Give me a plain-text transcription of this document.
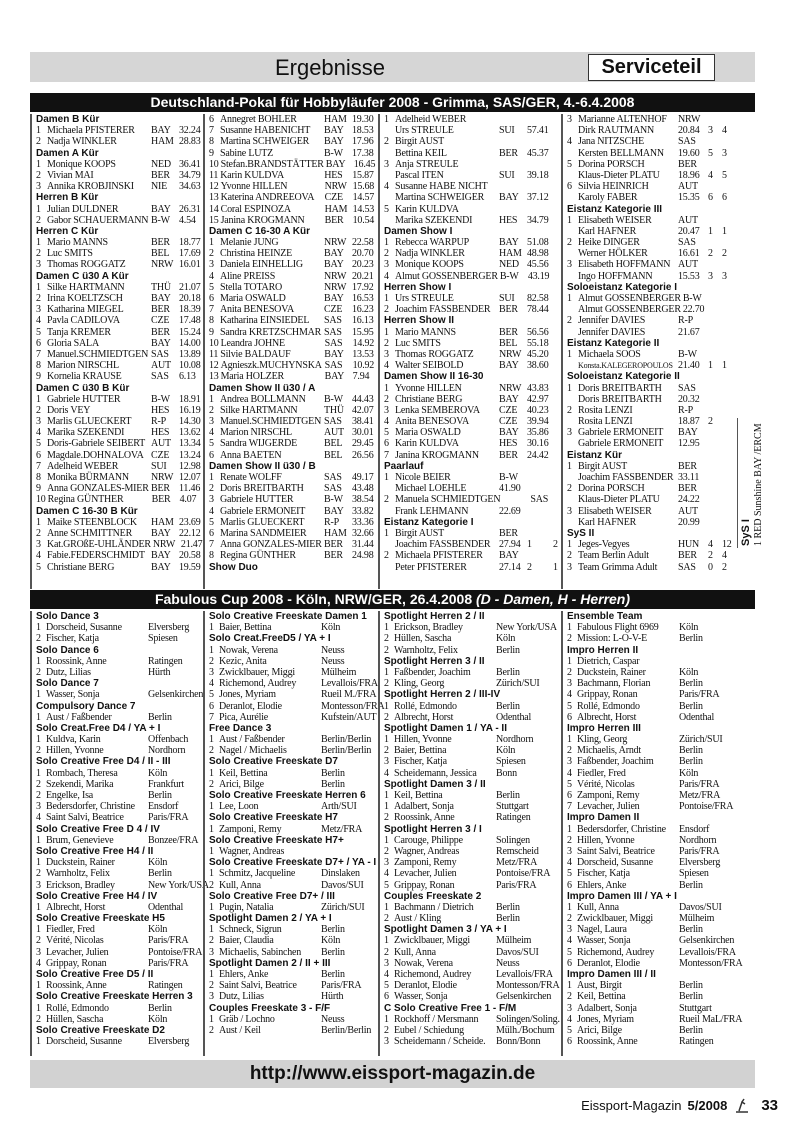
Ergebnisse	Serviceteil
Deutschland-Pokal für Hobbyläufer 2008 - Grimma, SAS/GER, 4.-6.4.2008
Damen B Kür
1 Michaela PFISTERER	BAY 32.24
2 Nadja WINKLER	HAM 28.83
Damen A Kür
1 Monique KOOPS	NED 36.41
2 Vivian MAI	BER 34.79
3 Annika KROBJINSKI	NIE	34.63
Herren B Kür
1 Julian DULDNER	BAY 26.31
2 Gabor SCHAUERMANN B-W 4.54
Herren C Kür
1 Mario MANNS	BER 18.77
2 Luc SMITS	BEL 17.69
3 Thomas ROGGATZ	NRW 16.01
Damen C ü30 A Kür
1 Silke HARTMANN	THÜ 21.07
2 Irina KOELTZSCH	BAY 20.18
3 Katharina MIEGEL	BER 18.39
4 Pavla CADILOVA	CZE 17.48
5 Tanja KREMER	BER 15.24
6 Gloria SALA	BAY 14.00
7 Manuel.SCHMIEDTGEN SAS	13.89
8 Marion NIRSCHL	AUT 10.08
9 Kornelia KRAUSE	SAS	6.13
Damen C ü30 B Kür
1 Gabriele HUTTER	B-W 18.91
2 Doris VEY	HES 16.19
3 Marlis GLUECKERT	R-P	14.30
4 Marika SZEKENDI	HES 13.62
5 Doris-Gabriele SEIBERT AUT 13.34
6 Magdale.DOHNALOVA CZE 13.24
7 Adelheid WEBER	SUI	12.98
8 Monika BÜRMANN	NRW 12.07
9 Anna GONZALES-MIER BER 11.46
10 Regina GÜNTHER	BER 4.07
Damen C 16-30 B Kür
1 Maike STEENBLOCK	HAM 23.69
2 Anne SCHMITTNER	BAY 22.12
3 Kat.GROßE-UHLÄNDER NRW 21.47
4 Fabie.FEDERSCHMIDT BAY 20.58
5 Christiane BERG	BAY 19.59
6 Annegret BOHLER	HAM 19.30
7 Susanne HABENICHT	BAY 18.53
8 Martina SCHWEIGER	BAY 17.96
9 Sabine LUTZ	B-W 17.38
10 Stefan.BRANDSTÄTTER BAY 16.45
11 Karin KULDVA	HES 15.87
12 Yvonne HILLEN	NRW 15.68
13 Katerina ANDREEOVA	CZE 14.57
14 Coral ESPINOZA	HAM 14.53
15 Janina KROGMANN	BER 10.54
Damen C 16-30 A Kür
1 Melanie JUNG	NRW 22.58
2 Christina HEINZE	BAY 20.70
3 Daniela EINHELLIG	BAY 20.23
4 Aline PREISS	NRW 20.21
5 Stella TOTARO	NRW 17.92
6 Maria OSWALD	BAY 16.53
7 Anita BENESOVA	CZE 16.23
8 Katharina EINSIEDEL	SAS	16.13
9 Sandra KRETZSCHMAR SAS	15.95
10 Leandra JOHNE	SAS	14.92
11 Silvie BALDAUF	BAY 13.53
12 Agnieszk.MUCHYNSKA SAS	10.92
13 Maria HOLZER	BAY 7.94
Damen Show II ü30 / A
1 Andrea BOLLMANN	B-W 44.43
2 Silke HARTMANN	THÜ 42.07
3 Manuel.SCHMIEDTGEN SAS	38.41
4 Marion NIRSCHL	AUT 30.01
5 Sandra WIJGERDE	BEL 29.45
6 Anna BAETEN	BEL 26.56
Damen Show II ü30 / B
1 Renate WOLFF	SAS	49.17
2 Doris BREITBARTH	SAS	43.48
3 Gabriele HUTTER	B-W 38.54
4 Gabriele ERMONEIT	BAY 33.82
5 Marlis GLUECKERT	R-P	33.36
6 Marina SANDMEIER	HAM 32.66
7 Anna GONZALES-MIER BER 31.44
8 Regina GÜNTHER	BER 24.98
Show Duo
1 Adelheid WEBER
Urs STREULE	SUI	57.41
2 Birgit AUST
Bettina KEIL	BER 45.37
3 Anja STREULE
Pascal ITEN	SUI	39.18
4 Susanne HABE NICHT
Martina SCHWEIGER	BAY 37.12
5 Karin KULDVA
Marika SZEKENDI	HES 34.79
Damen Show I
1 Rebecca WARPUP	BAY 51.08
2 Nadja WINKLER	HAM 48.98
3 Monique KOOPS	NED 45.56
4 Almut GOSSENBERGER B-W 43.19
Herren Show I
1 Urs STREULE	SUI	82.58
2 Joachim FASSBENDER BER 78.44
Herren Show II
1 Mario MANNS	BER 56.56
2 Luc SMITS	BEL 55.18
3 Thomas ROGGATZ	NRW 45.20
4 Walter SEIBOLD	BAY 38.60
Damen Show II 16-30
1 Yvonne HILLEN	NRW 43.83
2 Christiane BERG	BAY 42.97
3 Lenka SEMBEROVA	CZE 40.23
4 Anita BENESOVA	CZE 39.94
5 Maria OSWALD	BAY 35.86
6 Karin KULDVA	HES 30.16
7 Janina KROGMANN	BER 24.42
Paarlauf
1 Nicole BEIER	B-W
Michael LOEHLE	41.90
2 Manuela SCHMIEDTGEN	SAS
Frank LEHMANN	22.69
Eistanz Kategorie I
1 Birgit AUST	BER
Joachim FASSBENDER 27.94 1	2
2 Michaela PFISTERER	BAY
Peter PFISTERER	27.14 2	1
3 Marianne ALTENHOF	NRW
Dirk RAUTMANN	20.84 3 4
4 Jana NITZSCHE	SAS
Kersten BELLMANN	19.60 5 3
5 Dorina PORSCH	BER
Klaus-Dieter PLATU	18.96 4 5
6 Silvia HEINRICH	AUT
Karoly FABER	15.35 6 6
Eistanz Kategorie III
1 Elisabeth WEISER	AUT
Karl HAFNER	20.47 1 1
2 Heike DINGER	SAS
Werner HÖLKER	16.61 2 2
3 Elisabeth HOFFMANN AUT
Ingo HOFFMANN	15.53 3 3
Soloeistanz Kategorie I
1 Almut GOSSENBERGER B-W
Almut GOSSENBERGER 22.70
2 Jennifer DAVIES	R-P
Jennifer DAVIES	21.67
Eistanz Kategorie II
1 Michaela SOOS	B-W
Konsta.KALEGEROPOULOS 21.40 1 1
Soloeistanz Kategorie II
1 Doris BREITBARTH	SAS
Doris BREITBARTH	20.32
2 Rosita LENZI	R-P
Rosita LENZI	18.87 2
3 Gabriele ERMONEIT	BAY
Gabriele ERMONEIT	12.95
Eistanz Kür
1 Birgit AUST	BER
Joachim FASSBENDER 33.11
2 Dorina PORSCH	BER
Klaus-Dieter PLATU	24.22
3 Elisabeth WEISER	AUT
Karl HAFNER	20.99
SyS II
1 Jeges-Vegyes	HUN 4 12
2 Team Berlin Adult	BER	2 4
3 Team Grimma Adult	SAS	0 2
SyS I 1 RED Sunshine BAY /ERCM
Fabulous Cup 2008 - Köln, NRW/GER, 26.4.2008 (D - Damen, H - Herren)
Solo Dance 3
1 Dorscheid, Susanne	Elversberg
2 Fischer, Katja	Spiesen
Solo Dance 6
1 Roossink, Anne	Ratingen
2 Dutz, Lilias	Hürth
Solo Dance 7
1 Wasser, Sonja	Gelsenkirchen
Compulsory Dance 7
1 Aust / Faßbender	Berlin
Solo Creat.Free D4 / YA + I
1 Kuldva, Karin	Offenbach
2 Hillen, Yvonne	Nordhorn
Solo Creative Free D4 / II - III
1 Rombach, Theresa	Köln
2 Szekendi, Marika	Frankfurt
2 Engelke, Isa	Berlin
3 Bedersdorfer, Christine	Ensdorf
4 Saint Salvi, Beatrice	Paris/FRA
Solo Creative Free D 4 / IV
1 Brum, Genevieve	Bonzee/FRA
Solo Creative Free H4 / II
1 Duckstein, Rainer	Köln
2 Warnholtz, Felix	Berlin
3 Erickson, Bradley	New York/USA
Solo Creative Free H4 / IV
1 Albrecht, Horst	Odenthal
Solo Creative Freeskate H5
1 Fiedler, Fred	Köln
2 Vérité, Nicolas	Paris/FRA
3 Levacher, Julien	Pontoise/FRA
4 Grippay, Ronan	Paris/FRA
Solo Creative Free D5 / II
1 Roossink, Anne	Ratingen
Solo Creative Freeskate Herren 3
1 Rollé, Edmondo	Berlin
2 Hüllen, Sascha	Köln
Solo Creative Freeskate D2
1 Dorscheid, Susanne	Elversberg
Solo Creative Freeskate Damen 1
1 Baier, Bettina	Köln
Solo Creat.FreeD5 / YA + I
1 Nowak, Verena	Neuss
2 Kezic, Anita	Neuss
3 Zwicklbauer, Miggi	Mülheim
4 Richemond, Audrey	Levallois/FRA
5 Jones, Myriam	Rueil M./FRA
6 Deranlot, Elodie	Montesson/FRA
7 Pica, Aurélie	Kufstein/AUT
Free Dance 3
1 Aust / Faßbender	Berlin/Berlin
2 Nagel / Michaelis	Berlin/Berlin
Solo Creative Freeskate D7
1 Keil, Bettina	Berlin
2 Arici, Bilge	Berlin
Solo Creative Freeskate Herren 6
1 Lee, Loon	Arth/SUI
Solo Creative Freeskate H7
1 Zamponi, Remy	Metz/FRA
Solo Creative Freeskate H7+
1 Wagner, Andreas
Solo Creative Freeskate D7+ / YA - I
1 Schmitz, Jacqueline	Dinslaken
2 Kull, Anna	Davos/SUI
Solo Creative Free D7+ / III
1 Pugin, Natalia	Zürich/SUI
Spotlight Damen 2 / YA + I
1 Schneck, Sigrun	Berlin
2 Baier, Claudia	Köln
3 Michaelis, Sabinchen	Berlin
Spotlight Damen 2 / II + III
1 Ehlers, Anke	Berlin
2 Saint Salvi, Beatrice	Paris/FRA
3 Dutz, Lilias	Hürth
Couples Freeskate 3 - F/F
1 Gräb / Lochno	Neuss
2 Aust / Keil	Berlin/Berlin
Spotlight Herren 2 / II
1 Erickson, Bradley	New York/USA
2 Hüllen, Sascha	Köln
2 Warnholtz, Felix	Berlin
Spotlight Herren 3 / II
1 Faßbender, Joachim	Berlin
2 Kling, Georg	Zürich/SUI
Spotlight Herren 2 / III-IV
1 Rollé, Edmondo	Berlin
2 Albrecht, Horst	Odenthal
Spotlight Damen 1 / YA - II
1 Hillen, Yvonne	Nordhorn
2 Baier, Bettina	Köln
3 Fischer, Katja	Spiesen
4 Scheidemann, Jessica	Bonn
Spotlight Damen 3 / II
1 Keil, Bettina	Berlin
1 Adalbert, Sonja	Stuttgart
2 Roossink, Anne	Ratingen
Spotlight Herren 3 / I
1 Carouge, Philippe	Solingen
2 Wagner, Andreas	Remscheid
3 Zamponi, Remy	Metz/FRA
4 Levacher, Julien	Pontoise/FRA
5 Grippay, Ronan	Paris/FRA
Couples Freeskate 2
1 Bachmann / Dietrich	Berlin
2 Aust / Kling	Berlin
Spotlight Damen 3 / YA + I
1 Zwicklbauer, Miggi	Mülheim
2 Kull, Anna	Davos/SUI
3 Nowak, Verena	Neuss
4 Richemond, Audrey	Levallois/FRA
5 Deranlot, Elodie	Montesson/FRA
6 Wasser, Sonja	Gelsenkirchen
C Solo Creative Free 1 - F/M
1 Rockhoff / Mersmann	Solingen/Soling.
2 Eubel / Schiedung	Mülh./Bochum
3 Scheidemann / Scheide.	Bonn/Bonn
Ensemble Team
1 Fabulous Flight 6969	Köln
2 Mission: L-O-V-E	Berlin
Impro Herren II
1 Dietrich, Caspar
2 Duckstein, Rainer	Köln
3 Bachmann, Florian	Berlin
4 Grippay, Ronan	Paris/FRA
5 Rollé, Edmondo	Berlin
6 Albrecht, Horst	Odenthal
Impro Herren III
1 Kling, Georg	Zürich/SUI
2 Michaelis, Arndt	Berlin
3 Faßbender, Joachim	Berlin
4 Fiedler, Fred	Köln
5 Vérité, Nicolas	Paris/FRA
6 Zamponi, Remy	Metz/FRA
7 Levacher, Julien	Pontoise/FRA
Impro Damen II
1 Bedersdorfer, Christine	Ensdorf
2 Hillen, Yvonne	Nordhorn
3 Saint Salvi, Beatrice	Paris/FRA
4 Dorscheid, Susanne	Elversberg
5 Fischer, Katja	Spiesen
6 Ehlers, Anke	Berlin
Impro Damen III / YA + I
1 Kull, Anna	Davos/SUI
2 Zwicklbauer, Miggi	Mülheim
3 Nagel, Laura	Berlin
4 Wasser, Sonja	Gelsenkirchen
5 Richemond, Audrey	Levallois/FRA
6 Deranlot, Elodie	Montesson/FRA
Impro Damen III / II
1 Aust, Birgit	Berlin
2 Keil, Bettina	Berlin
3 Adalbert, Sonja	Stuttgart
4 Jones, Myriam	Rueil MaL/FRA
5 Arici, Bilge	Berlin
6 Roossink, Anne	Ratingen
http://www.eissport-magazin.de
Eissport-Magazin 5/2008 33
